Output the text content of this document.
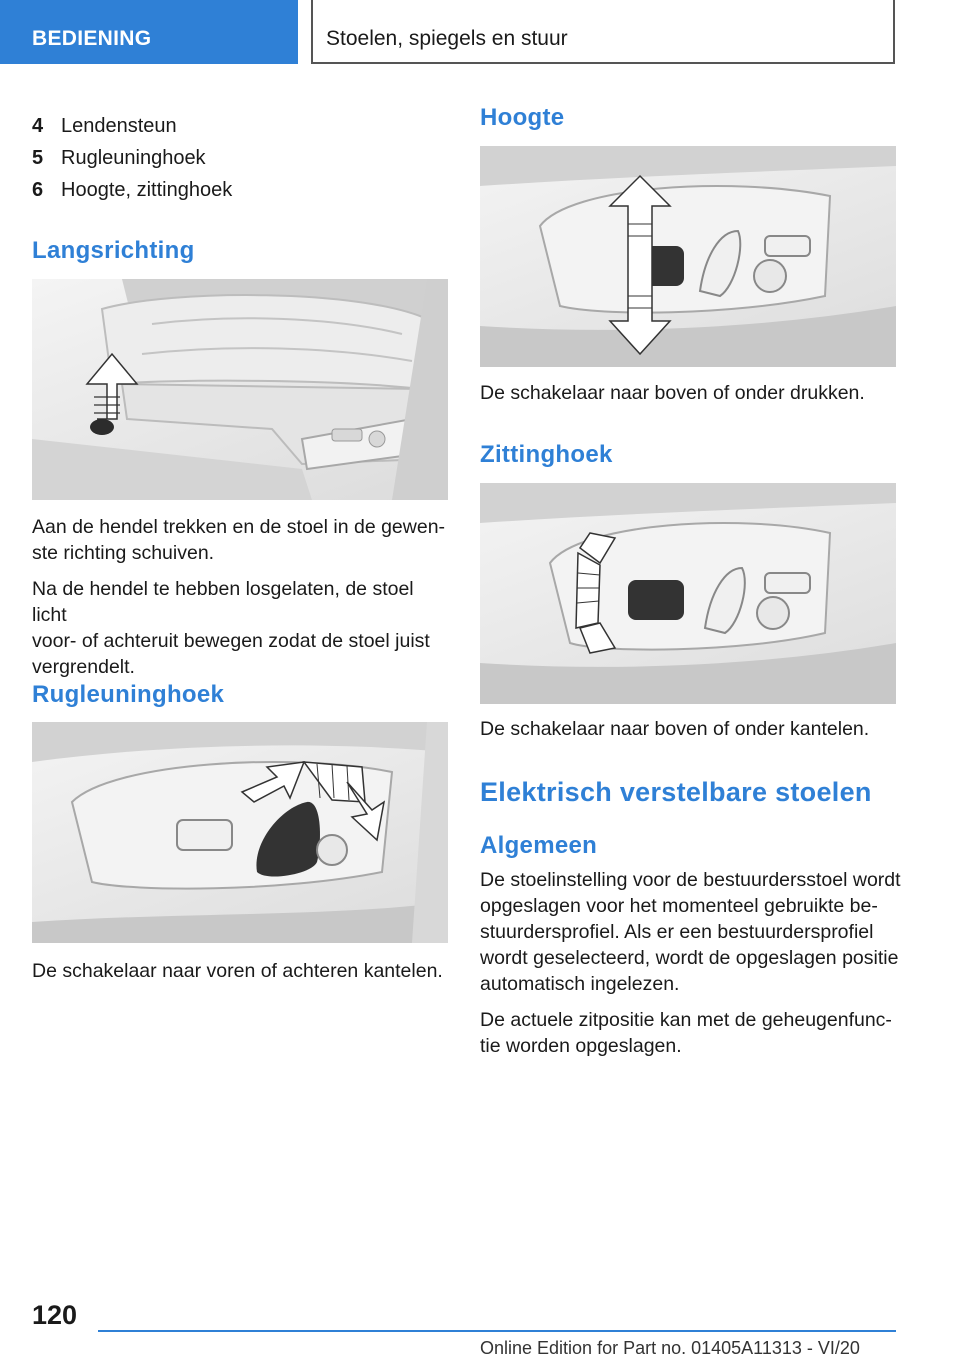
BEDIENING	Stoelen, spiegels en stuur
4 Lendensteun
5 Rugleuninghoek
6 Hoogte, zittinghoek
Langsrichting

Aan de hendel trekken en de stoel in de gewen-

ste richting schuiven.

Na de hendel te hebben losgelaten, de stoel licht

voor- of achteruit bewegen zodat de stoel juist

vergrendelt.

Rugleuninghoek

De schakelaar naar voren of achteren kantelen.

Hoogte

De schakelaar naar boven of onder drukken.

Zittinghoek

De schakelaar naar boven of onder kantelen.

Elektrisch verstelbare stoelen
Algemeen

De stoelinstelling voor de bestuurdersstoel wordt

opgeslagen voor het momenteel gebruikte be-

stuurdersprofiel. Als er een bestuurdersprofiel

wordt geselecteerd, wordt de opgeslagen positie

automatisch ingelezen.

De actuele zitpositie kan met de geheugenfunc-

tie worden opgeslagen.

120
Online Edition for Part no. 01405A11313 - VI/20
